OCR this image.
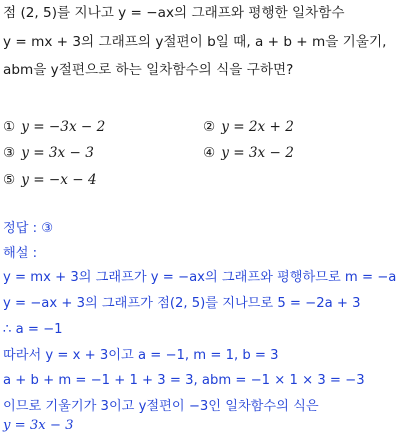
점 (2, 5)를 지나고 y = −ax의 그래프와 평행한 일차함수
y = mx + 3의 그래프의 y절편이 b일 때, a + b + m을 기울기,
abm을 y절편으로 하는 일차함수의 식을 구하면?
① y = −3x − 2	② y = 2x + 2
③ y = 3x − 3	④ y = 3x − 2
⑤ y = −x − 4
정답 : ③
해설 :
y = mx + 3의 그래프가 y = −ax의 그래프와 평행하므로 m = −a
y = −ax + 3의 그래프가 점(2, 5)를 지나므로 5 = −2a + 3
∴ a = −1
따라서 y = x + 3이고 a = −1, m = 1, b = 3
a + b + m = −1 + 1 + 3 = 3, abm = −1 × 1 × 3 = −3
이므로 기울기가 3이고 y절편이 −3인 일차함수의 식은
y = 3x − 3
